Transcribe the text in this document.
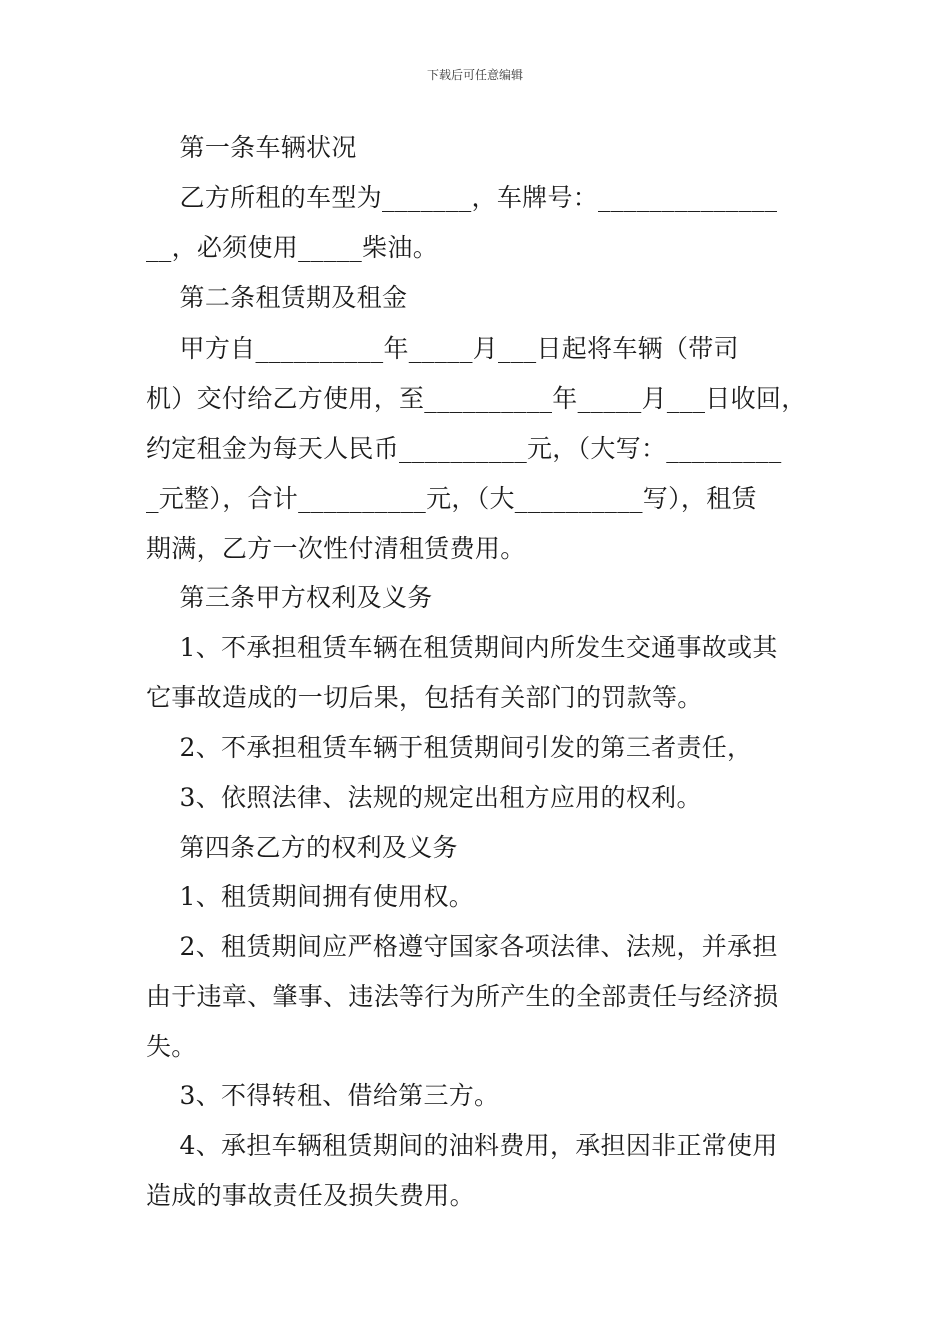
下载后可任意编辑
　 第一条车辆状况
　 乙方所租的车型为_______，车牌号：______________
__，必须使用_____柴油。
　 第二条租赁期及租金
　 甲方自__________年_____月___日起将车辆（带司
机）交付给乙方使用，至__________年_____月___日收回，
约定租金为每天人民币__________元，（大写：_________
_元整），合计__________元，（大__________写），租赁
期满，乙方一次性付清租赁费用。
　 第三条甲方权利及义务
　 1、不承担租赁车辆在租赁期间内所发生交通事故或其
它事故造成的一切后果，包括有关部门的罚款等。
　 2、不承担租赁车辆于租赁期间引发的第三者责任，
　 3、依照法律、法规的规定出租方应用的权利。
　 第四条乙方的权利及义务
　 1、租赁期间拥有使用权。
　 2、租赁期间应严格遵守国家各项法律、法规，并承担
由于违章、肇事、违法等行为所产生的全部责任与经济损
失。
　 3、不得转租、借给第三方。
　 4、承担车辆租赁期间的油料费用，承担因非正常使用
造成的事故责任及损失费用。
